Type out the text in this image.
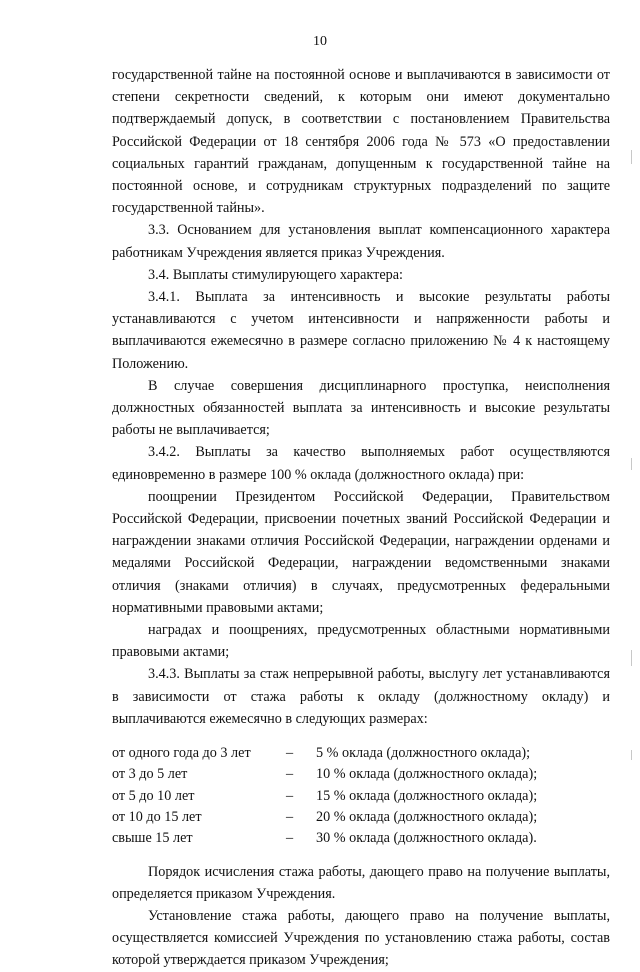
10

государственной тайне на постоянной основе и выплачиваются в зависимости от степени секретности сведений, к которым они имеют документально подтверждаемый допуск, в соответствии с постановлением Правительства Российской Федерации от 18 сентября 2006 года № 573 «О предоставлении социальных гарантий гражданам, допущенным к государственной тайне на постоянной основе, и сотрудникам структурных подразделений по защите государственной тайны».

3.3. Основанием для установления выплат компенсационного характера работникам Учреждения является приказ Учреждения.

3.4. Выплаты стимулирующего характера:

3.4.1. Выплата за интенсивность и высокие результаты работы устанавливаются с учетом интенсивности и напряженности работы и выплачиваются ежемесячно в размере согласно приложению № 4 к настоящему Положению.

В случае совершения дисциплинарного проступка, неисполнения должностных обязанностей выплата за интенсивность и высокие результаты работы не выплачивается;

3.4.2. Выплаты за качество выполняемых работ осуществляются единовременно в размере 100 % оклада (должностного оклада) при:

поощрении Президентом Российской Федерации, Правительством Российской Федерации, присвоении почетных званий Российской Федерации и награждении знаками отличия Российской Федерации, награждении орденами и медалями Российской Федерации, награждении ведомственными знаками отличия (знаками отличия) в случаях, предусмотренных федеральными нормативными правовыми актами;

наградах и поощрениях, предусмотренных областными нормативными правовыми актами;

3.4.3. Выплаты за стаж непрерывной работы, выслугу лет устанавливаются в зависимости от стажа работы к окладу (должностному окладу) и выплачиваются ежемесячно в следующих размерах:

от одного года до 3 лет	–	5 % оклада (должностного оклада);
от 3 до 5 лет	–	10 % оклада (должностного оклада);
от 5 до 10 лет	–	15 % оклада (должностного оклада);
от 10 до 15 лет	–	20 % оклада (должностного оклада);
свыше 15 лет	–	30 % оклада (должностного оклада).

Порядок исчисления стажа работы, дающего право на получение выплаты, определяется приказом Учреждения.

Установление стажа работы, дающего право на получение выплаты, осуществляется комиссией Учреждения по установлению стажа работы, состав которой утверждается приказом Учреждения;
